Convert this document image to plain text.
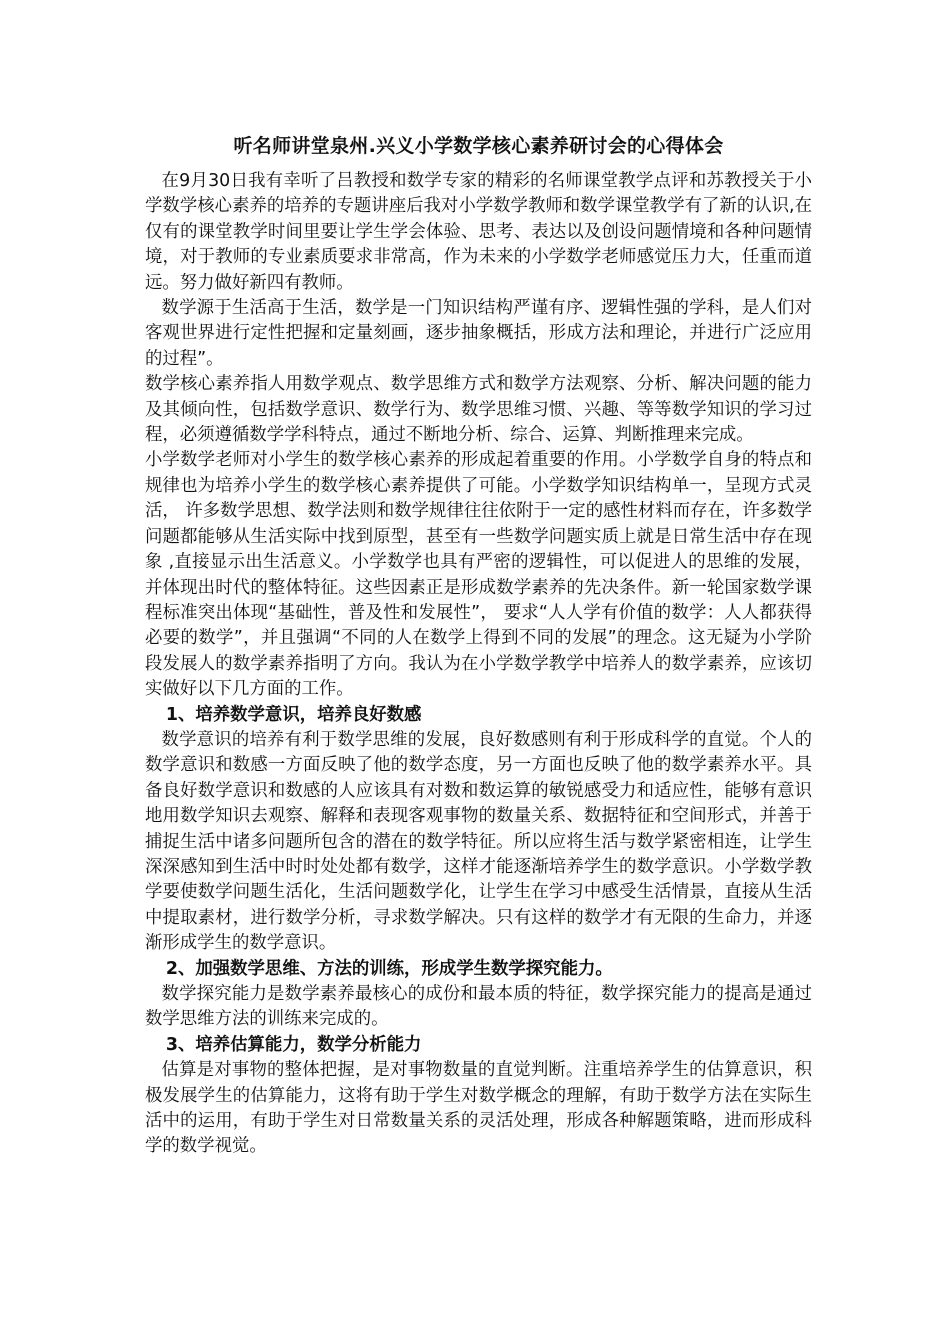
听名师讲堂泉州.兴义小学数学核心素养研讨会的心得体会

在9月30日我有幸听了吕教授和数学专家的精彩的名师课堂教学点评和苏教授关于小学数学核心素养的培养的专题讲座后我对小学数学教师和数学课堂教学有了新的认识,在仅有的课堂教学时间里要让学生学会体验、思考、表达以及创设问题情境和各种问题情境，对于教师的专业素质要求非常高，作为未来的小学数学老师感觉压力大，任重而道远。努力做好新四有教师。

数学源于生活高于生活，数学是一门知识结构严谨有序、逻辑性强的学科，是人们对客观世界进行定性把握和定量刻画，逐步抽象概括，形成方法和理论，并进行广泛应用的过程”。

数学核心素养指人用数学观点、数学思维方式和数学方法观察、分析、解决问题的能力及其倾向性，包括数学意识、数学行为、数学思维习惯、兴趣、等等数学知识的学习过程，必须遵循数学学科特点，通过不断地分析、综合、运算、判断推理来完成。

小学数学老师对小学生的数学核心素养的形成起着重要的作用。小学数学自身的特点和规律也为培养小学生的数学核心素养提供了可能。小学数学知识结构单一，呈现方式灵活， 许多数学思想、数学法则和数学规律往往依附于一定的感性材料而存在，许多数学问题都能够从生活实际中找到原型，甚至有一些数学问题实质上就是日常生活中存在现象 ,直接显示出生活意义。小学数学也具有严密的逻辑性，可以促进人的思维的发展，并体现出时代的整体特征。这些因素正是形成数学素养的先决条件。新一轮国家数学课程标准突出体现“基础性，普及性和发展性”， 要求“人人学有价值的数学：人人都获得必要的数学”，并且强调“不同的人在数学上得到不同的发展”的理念。这无疑为小学阶段发展人的数学素养指明了方向。我认为在小学数学教学中培养人的数学素养，应该切实做好以下几方面的工作。

1、培养数学意识，培养良好数感

数学意识的培养有利于数学思维的发展，良好数感则有利于形成科学的直觉。个人的数学意识和数感一方面反映了他的数学态度，另一方面也反映了他的数学素养水平。具备良好数学意识和数感的人应该具有对数和数运算的敏锐感受力和适应性，能够有意识地用数学知识去观察、解释和表现客观事物的数量关系、数据特征和空间形式，并善于捕捉生活中诸多问题所包含的潜在的数学特征。所以应将生活与数学紧密相连，让学生深深感知到生活中时时处处都有数学，这样才能逐渐培养学生的数学意识。小学数学教学要使数学问题生活化，生活问题数学化，让学生在学习中感受生活情景，直接从生活中提取素材，进行数学分析，寻求数学解决。只有这样的数学才有无限的生命力，并逐渐形成学生的数学意识。

2、加强数学思维、方法的训练，形成学生数学探究能力。

数学探究能力是数学素养最核心的成份和最本质的特征，数学探究能力的提高是通过数学思维方法的训练来完成的。

3、培养估算能力，数学分析能力

估算是对事物的整体把握，是对事物数量的直觉判断。注重培养学生的估算意识，积极发展学生的估算能力，这将有助于学生对数学概念的理解，有助于数学方法在实际生活中的运用，有助于学生对日常数量关系的灵活处理，形成各种解题策略，进而形成科学的数学视觉。
